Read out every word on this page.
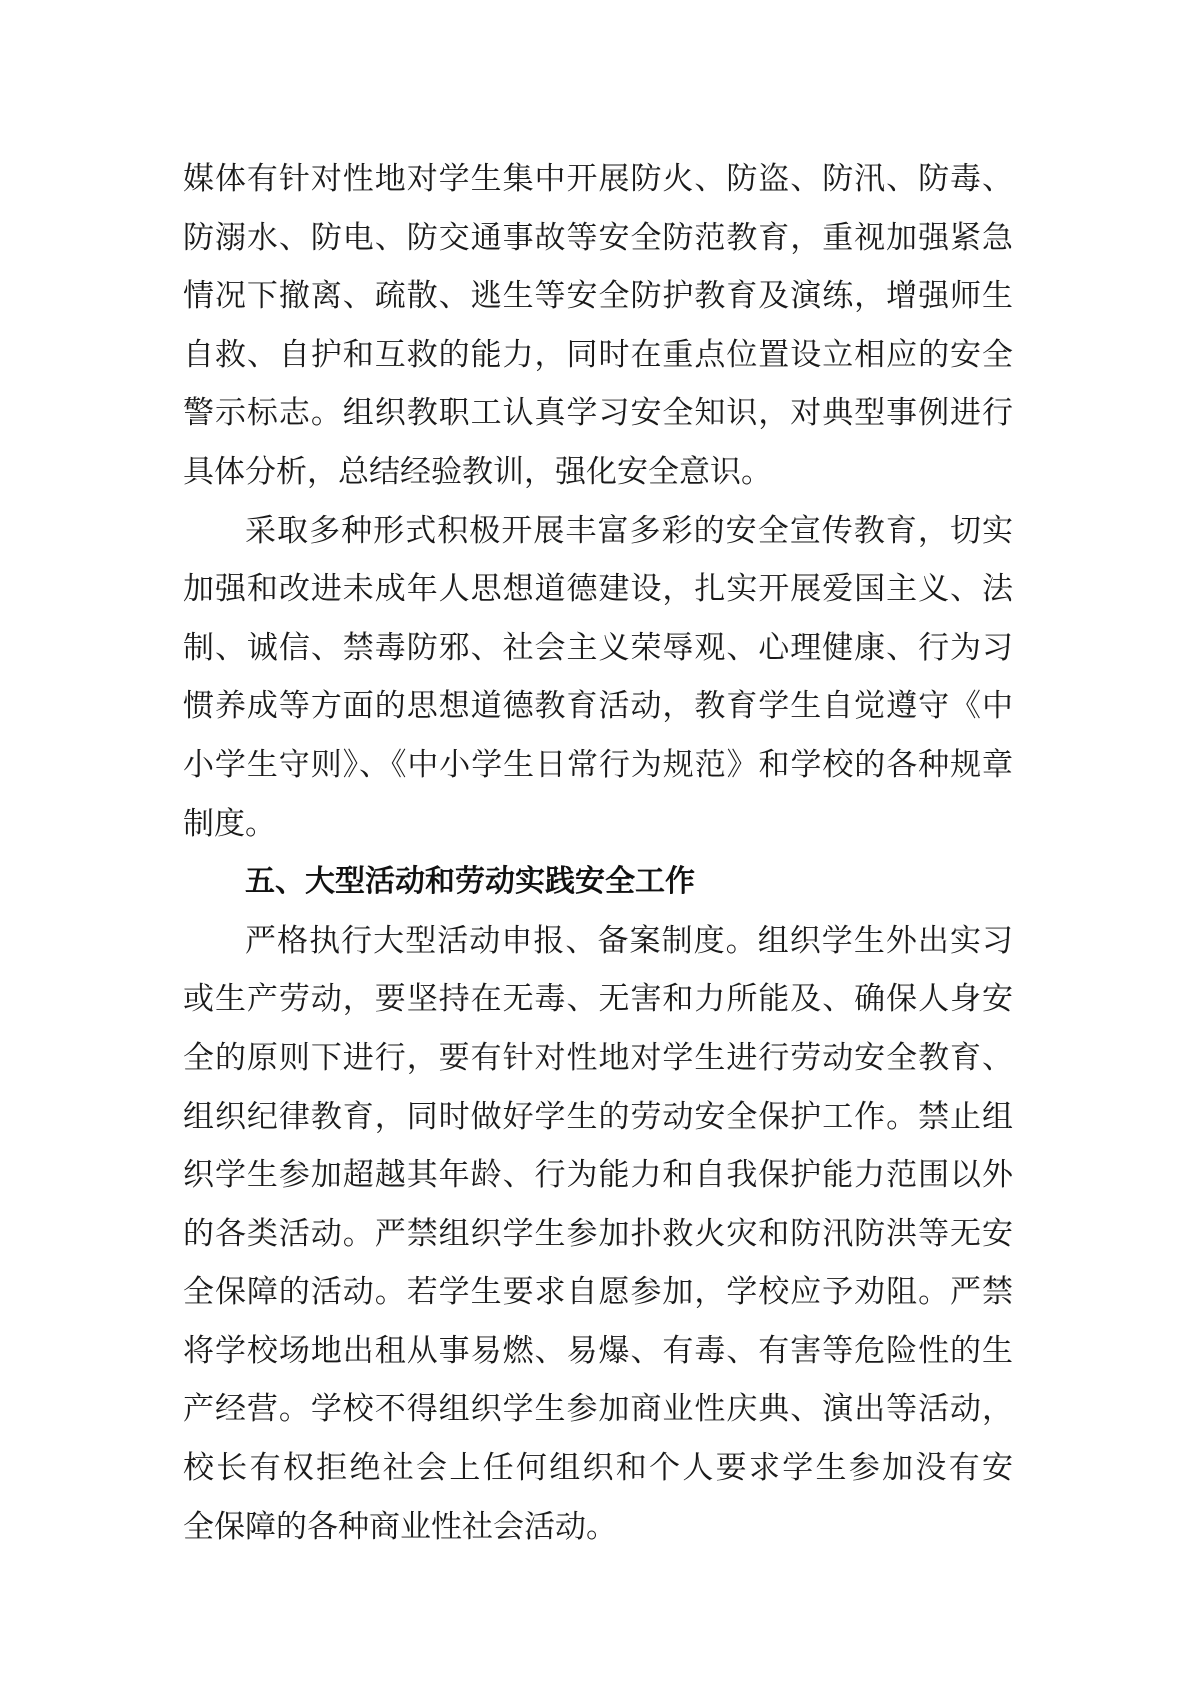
媒体有针对性地对学生集中开展防火、防盗、防汛、防毒、
防溺水、防电、防交通事故等安全防范教育，重视加强紧急
情况下撤离、疏散、逃生等安全防护教育及演练，增强师生
自救、自护和互救的能力，同时在重点位置设立相应的安全
警示标志。组织教职工认真学习安全知识，对典型事例进行
具体分析，总结经验教训，强化安全意识。
采取多种形式积极开展丰富多彩的安全宣传教育，切实
加强和改进未成年人思想道德建设，扎实开展爱国主义、法
制、诚信、禁毒防邪、社会主义荣辱观、心理健康、行为习
惯养成等方面的思想道德教育活动，教育学生自觉遵守《中
小学生守则》、《中小学生日常行为规范》和学校的各种规章
制度。
五、大型活动和劳动实践安全工作
严格执行大型活动申报、备案制度。组织学生外出实习
或生产劳动，要坚持在无毒、无害和力所能及、确保人身安
全的原则下进行，要有针对性地对学生进行劳动安全教育、
组织纪律教育，同时做好学生的劳动安全保护工作。禁止组
织学生参加超越其年龄、行为能力和自我保护能力范围以外
的各类活动。严禁组织学生参加扑救火灾和防汛防洪等无安
全保障的活动。若学生要求自愿参加，学校应予劝阻。严禁
将学校场地出租从事易燃、易爆、有毒、有害等危险性的生
产经营。学校不得组织学生参加商业性庆典、演出等活动，
校长有权拒绝社会上任何组织和个人要求学生参加没有安
全保障的各种商业性社会活动。
